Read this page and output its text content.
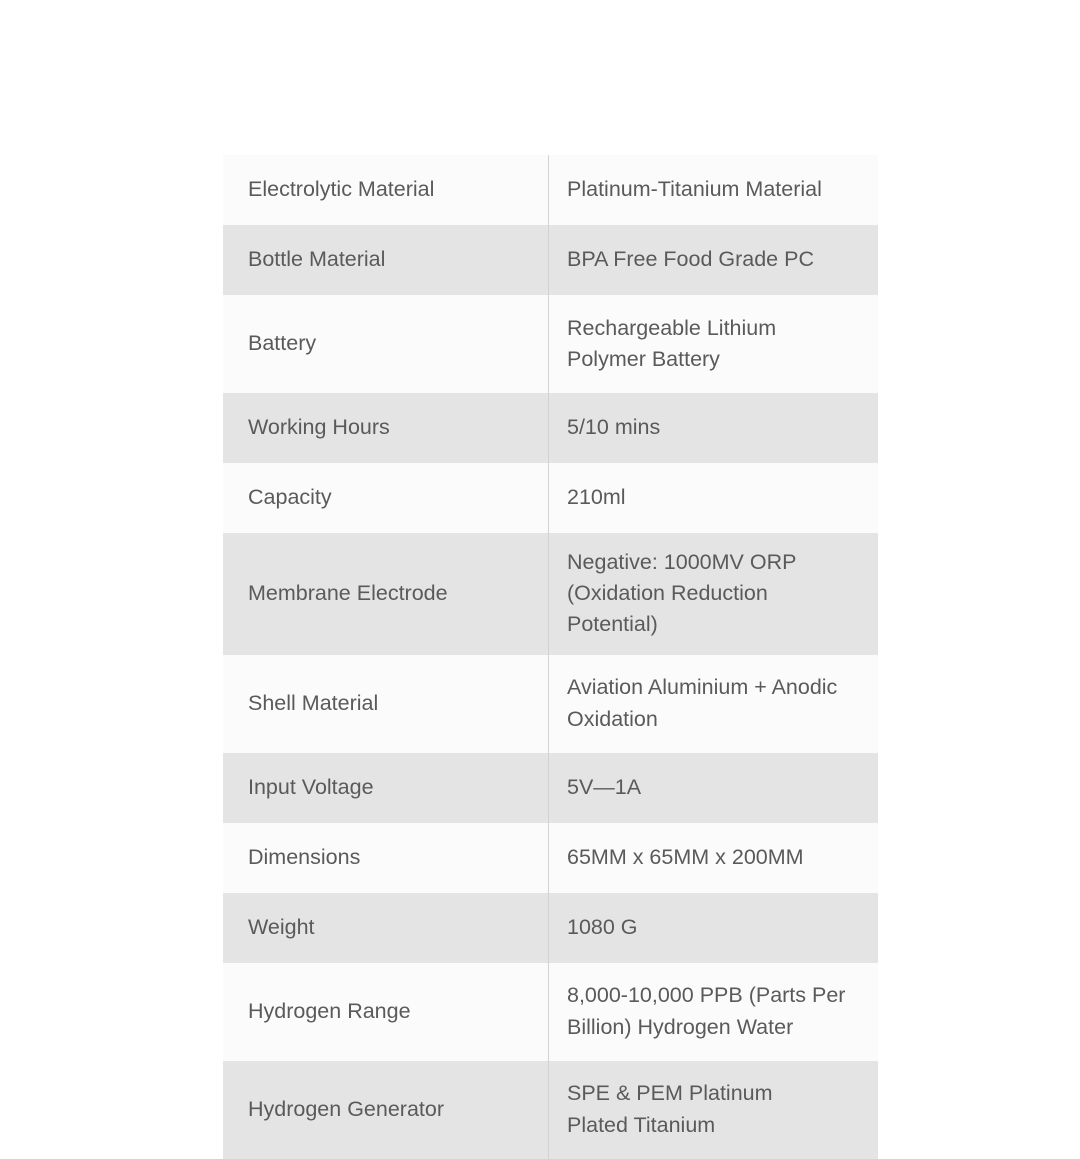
Electrolytic Material	Platinum-Titanium Material

Bottle Material	BPA Free Food Grade PC

Battery	Rechargeable Lithium
Polymer Battery

Working Hours	5/10 mins

Capacity	210ml

Membrane Electrode	Negative: 1000MV ORP
(Oxidation Reduction Potential)

Shell Material	Aviation Aluminium + Anodic
Oxidation

Input Voltage	5V—1A

Dimensions	65MM x 65MM x 200MM

Weight	1080 G

Hydrogen Range	8,000-10,000 PPB (Parts Per
Billion) Hydrogen Water

Hydrogen Generator	SPE & PEM Platinum
Plated Titanium
